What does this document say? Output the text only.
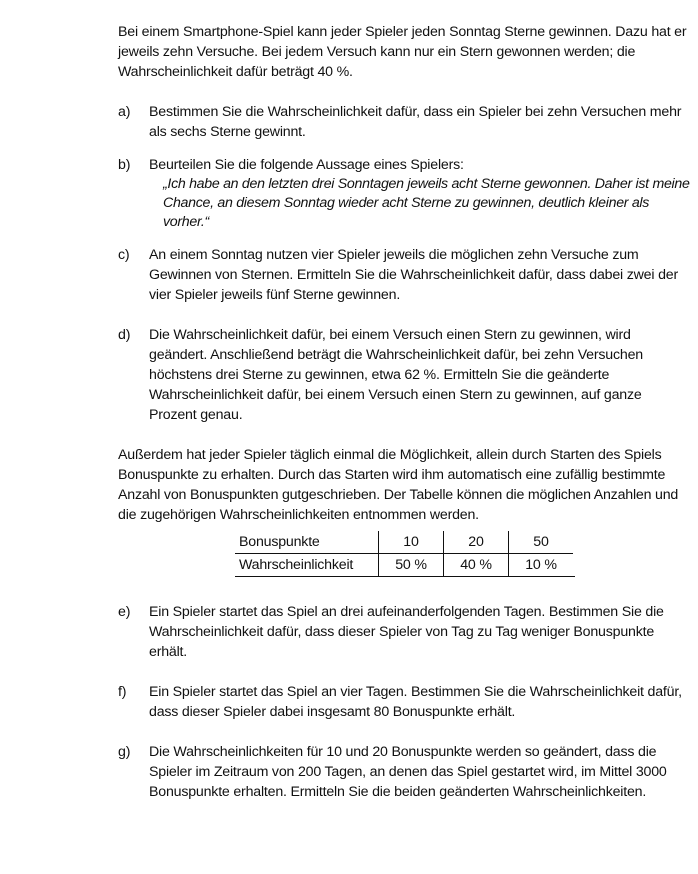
Bei einem Smartphone-Spiel kann jeder Spieler jeden Sonntag Sterne gewinnen. Dazu hat er jeweils zehn Versuche. Bei jedem Versuch kann nur ein Stern gewonnen werden; die Wahrscheinlichkeit dafür beträgt 40 %.

a) Bestimmen Sie die Wahrscheinlichkeit dafür, dass ein Spieler bei zehn Versuchen mehr als sechs Sterne gewinnt.
b) Beurteilen Sie die folgende Aussage eines Spielers:
„Ich habe an den letzten drei Sonntagen jeweils acht Sterne gewonnen. Daher ist meine Chance, an diesem Sonntag wieder acht Sterne zu gewinnen, deutlich kleiner als vorher.“
c) An einem Sonntag nutzen vier Spieler jeweils die möglichen zehn Versuche zum Gewinnen von Sternen. Ermitteln Sie die Wahrscheinlichkeit dafür, dass dabei zwei der vier Spieler jeweils fünf Sterne gewinnen.
d) Die Wahrscheinlichkeit dafür, bei einem Versuch einen Stern zu gewinnen, wird geändert. Anschließend beträgt die Wahrscheinlichkeit dafür, bei zehn Versuchen höchstens drei Sterne zu gewinnen, etwa 62 %. Ermitteln Sie die geänderte Wahrscheinlichkeit dafür, bei einem Versuch einen Stern zu gewinnen, auf ganze Prozent genau.

Außerdem hat jeder Spieler täglich einmal die Möglichkeit, allein durch Starten des Spiels Bonuspunkte zu erhalten. Durch das Starten wird ihm automatisch eine zufällig bestimmte Anzahl von Bonuspunkten gutgeschrieben. Der Tabelle können die möglichen Anzahlen und die zugehörigen Wahrscheinlichkeiten entnommen werden.

Bonuspunkte	10	20	50
Wahrscheinlichkeit	50 %	40 %	10 %
e) Ein Spieler startet das Spiel an drei aufeinanderfolgenden Tagen. Bestimmen Sie die Wahrscheinlichkeit dafür, dass dieser Spieler von Tag zu Tag weniger Bonuspunkte erhält.
f) Ein Spieler startet das Spiel an vier Tagen. Bestimmen Sie die Wahrscheinlichkeit dafür, dass dieser Spieler dabei insgesamt 80 Bonuspunkte erhält.
g) Die Wahrscheinlichkeiten für 10 und 20 Bonuspunkte werden so geändert, dass die Spieler im Zeitraum von 200 Tagen, an denen das Spiel gestartet wird, im Mittel 3000 Bonuspunkte erhalten. Ermitteln Sie die beiden geänderten Wahrscheinlichkeiten.
